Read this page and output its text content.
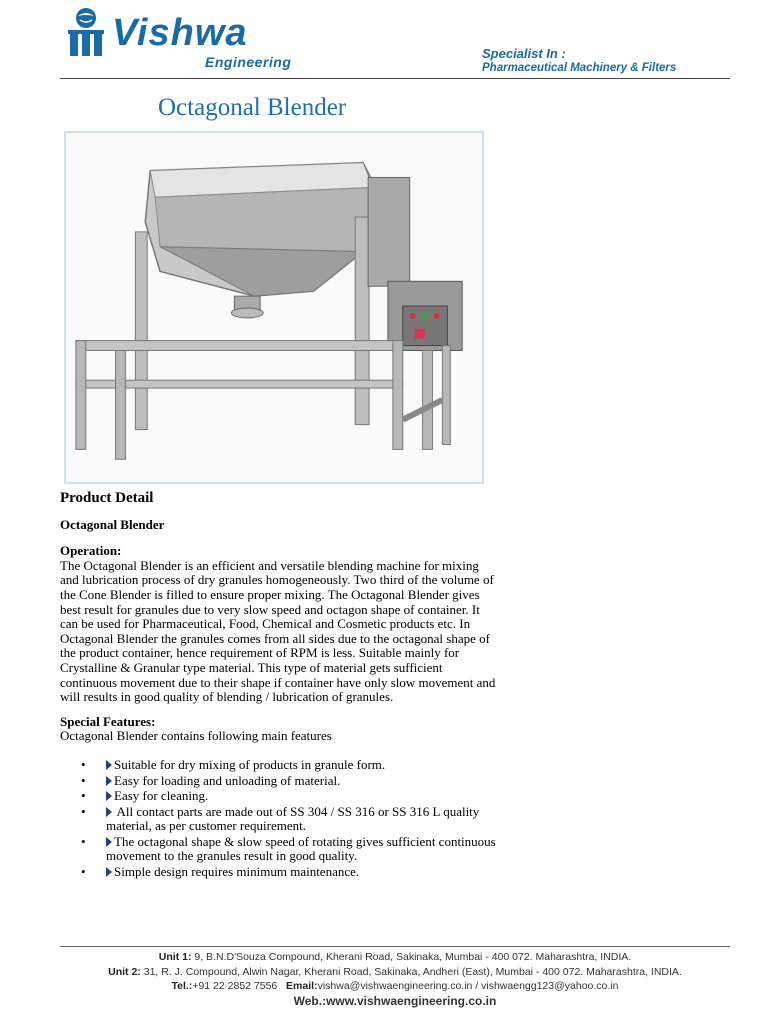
Vishwa
Engineering
Specialist In :
Pharmaceutical Machinery & Filters
Octagonal Blender

Product Detail

Octagonal Blender

Operation:

The Octagonal Blender is an efficient and versatile blending machine for mixing and lubrication process of dry granules homogeneously. Two third of the volume of the Cone Blender is filled to ensure proper mixing. The Octagonal Blender gives best result for granules due to very slow speed and octagon shape of container. It can be used for Pharmaceutical, Food, Chemical and Cosmetic products etc. In Octagonal Blender the granules comes from all sides due to the octagonal shape of the product container, hence requirement of RPM is less. Suitable mainly for Crystalline & Granular type material. This type of material gets sufficient continuous movement due to their shape if container have only slow movement and will results in good quality of blending / lubrication of granules.

Special Features:

Octagonal Blender contains following main features

• Suitable for dry mixing of products in granule form.
• Easy for loading and unloading of material.
• Easy for cleaning.
• All contact parts are made out of SS 304 / SS 316 or SS 316 L quality material, as per customer requirement.
• The octagonal shape & slow speed of rotating gives sufficient continuous movement to the granules result in good quality.
• Simple design requires minimum maintenance.
Unit 1: 9, B.N.D'Souza Compound, Kherani Road, Sakinaka, Mumbai - 400 072. Maharashtra, INDIA.
Unit 2: 31, R. J. Compound, Alwin Nagar, Kherani Road, Sakinaka, Andheri (East), Mumbai - 400 072. Maharashtra, INDIA.
Tel.:+91 22 2852 7556 Email:vishwa@vishwaengineering.co.in / vishwaengg123@yahoo.co.in
Web.:www.vishwaengineering.co.in
